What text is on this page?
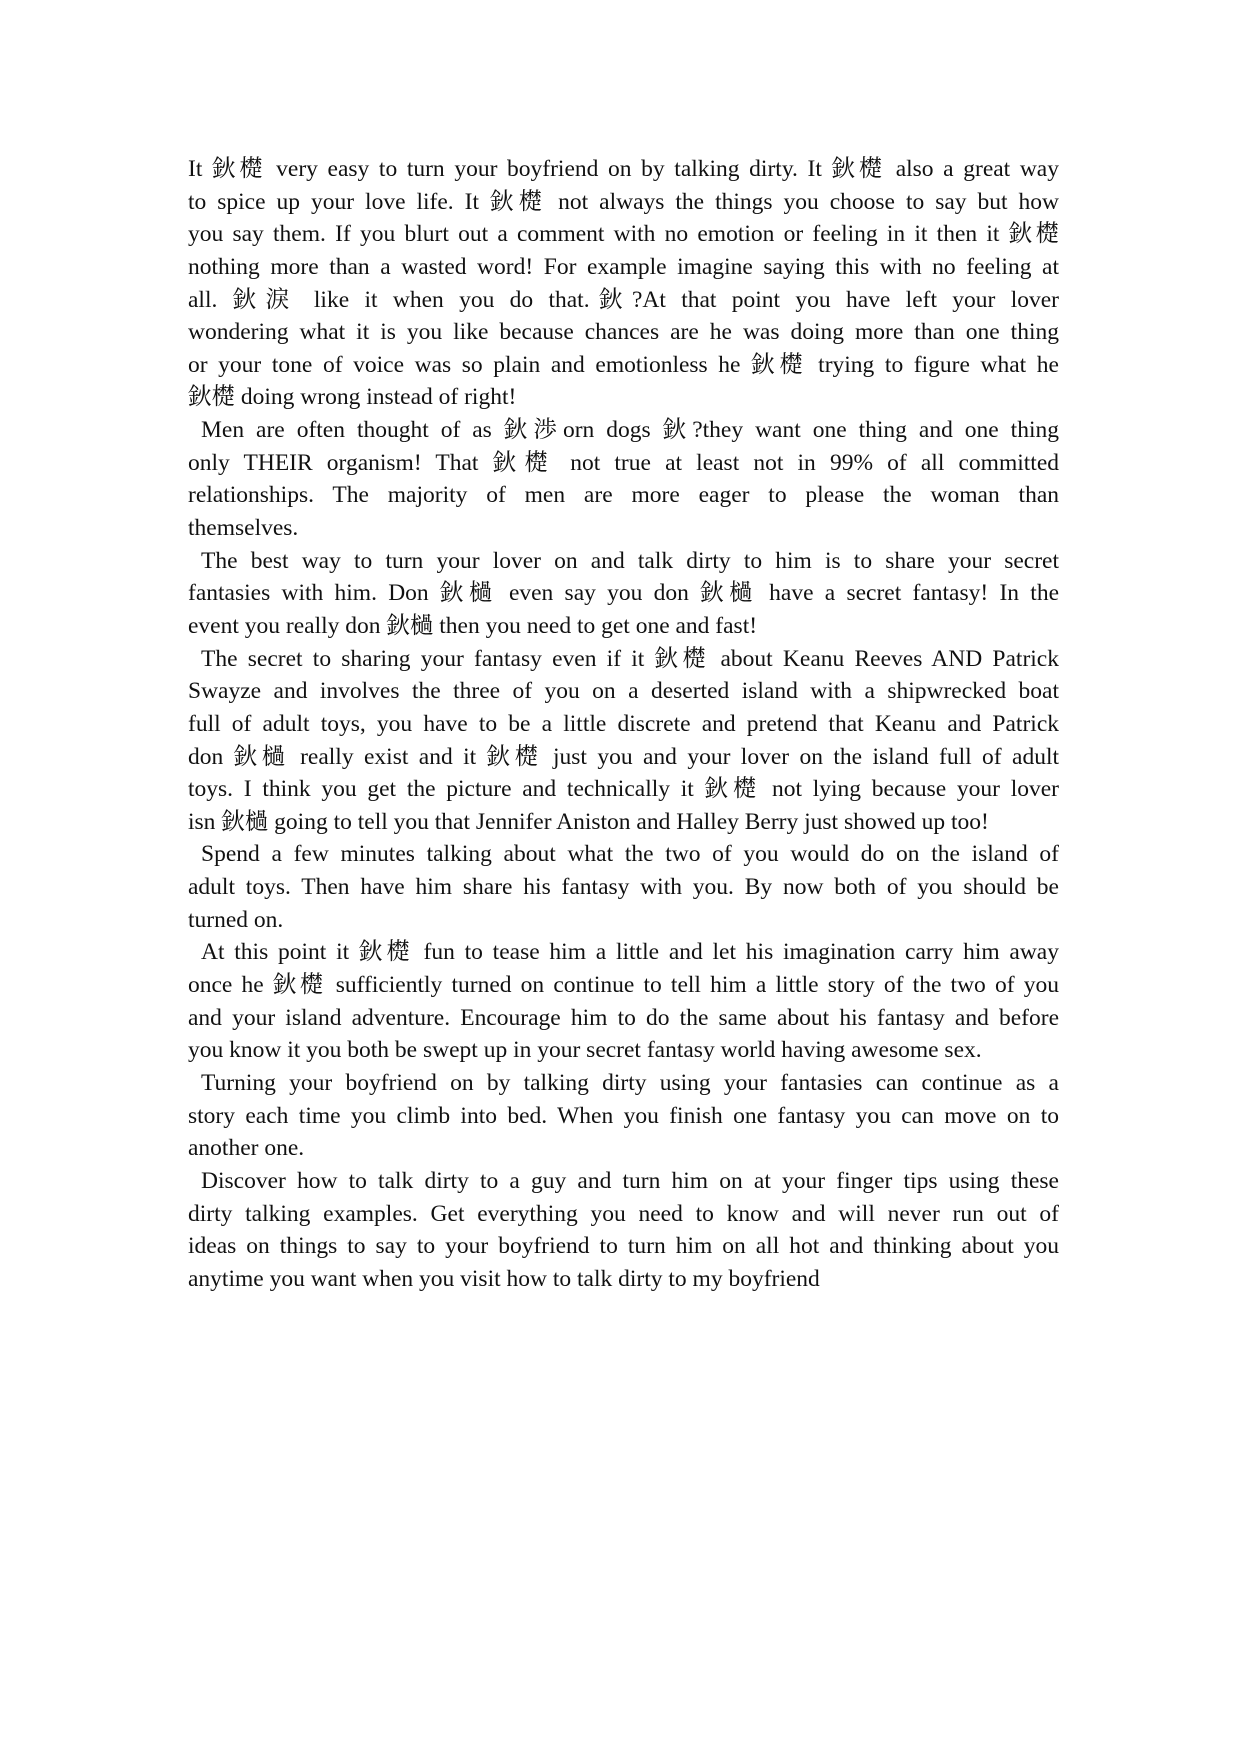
It 鈥檚 very easy to turn your boyfriend on by talking dirty. It 鈥檚 also a great way
to spice up your love life. It 鈥檚 not always the things you choose to say but how
you say them. If you blurt out a comment with no emotion or feeling in it then it 鈥檚
nothing more than a wasted word! For example imagine saying this with no feeling at
all. 鈥淚 like it when you do that.鈥?At that point you have left your lover
wondering what it is you like because chances are he was doing more than one thing
or your tone of voice was so plain and emotionless he 鈥檚 trying to figure what he
鈥檚 doing wrong instead of right!
Men are often thought of as 鈥渉orn dogs 鈥?they want one thing and one thing
only THEIR organism! That 鈥檚 not true at least not in 99% of all committed
relationships. The majority of men are more eager to please the woman than
themselves.
The best way to turn your lover on and talk dirty to him is to share your secret
fantasies with him. Don 鈥檛 even say you don 鈥檛 have a secret fantasy! In the
event you really don 鈥檛 then you need to get one and fast!
The secret to sharing your fantasy even if it 鈥檚 about Keanu Reeves AND Patrick
Swayze and involves the three of you on a deserted island with a shipwrecked boat
full of adult toys, you have to be a little discrete and pretend that Keanu and Patrick
don 鈥檛 really exist and it 鈥檚 just you and your lover on the island full of adult
toys. I think you get the picture and technically it 鈥檚 not lying because your lover
isn 鈥檛 going to tell you that Jennifer Aniston and Halley Berry just showed up too!
Spend a few minutes talking about what the two of you would do on the island of
adult toys. Then have him share his fantasy with you. By now both of you should be
turned on.
At this point it 鈥檚 fun to tease him a little and let his imagination carry him away
once he 鈥檚 sufficiently turned on continue to tell him a little story of the two of you
and your island adventure. Encourage him to do the same about his fantasy and before
you know it you both be swept up in your secret fantasy world having awesome sex.
Turning your boyfriend on by talking dirty using your fantasies can continue as a
story each time you climb into bed. When you finish one fantasy you can move on to
another one.
Discover how to talk dirty to a guy and turn him on at your finger tips using these
dirty talking examples. Get everything you need to know and will never run out of
ideas on things to say to your boyfriend to turn him on all hot and thinking about you
anytime you want when you visit how to talk dirty to my boyfriend
